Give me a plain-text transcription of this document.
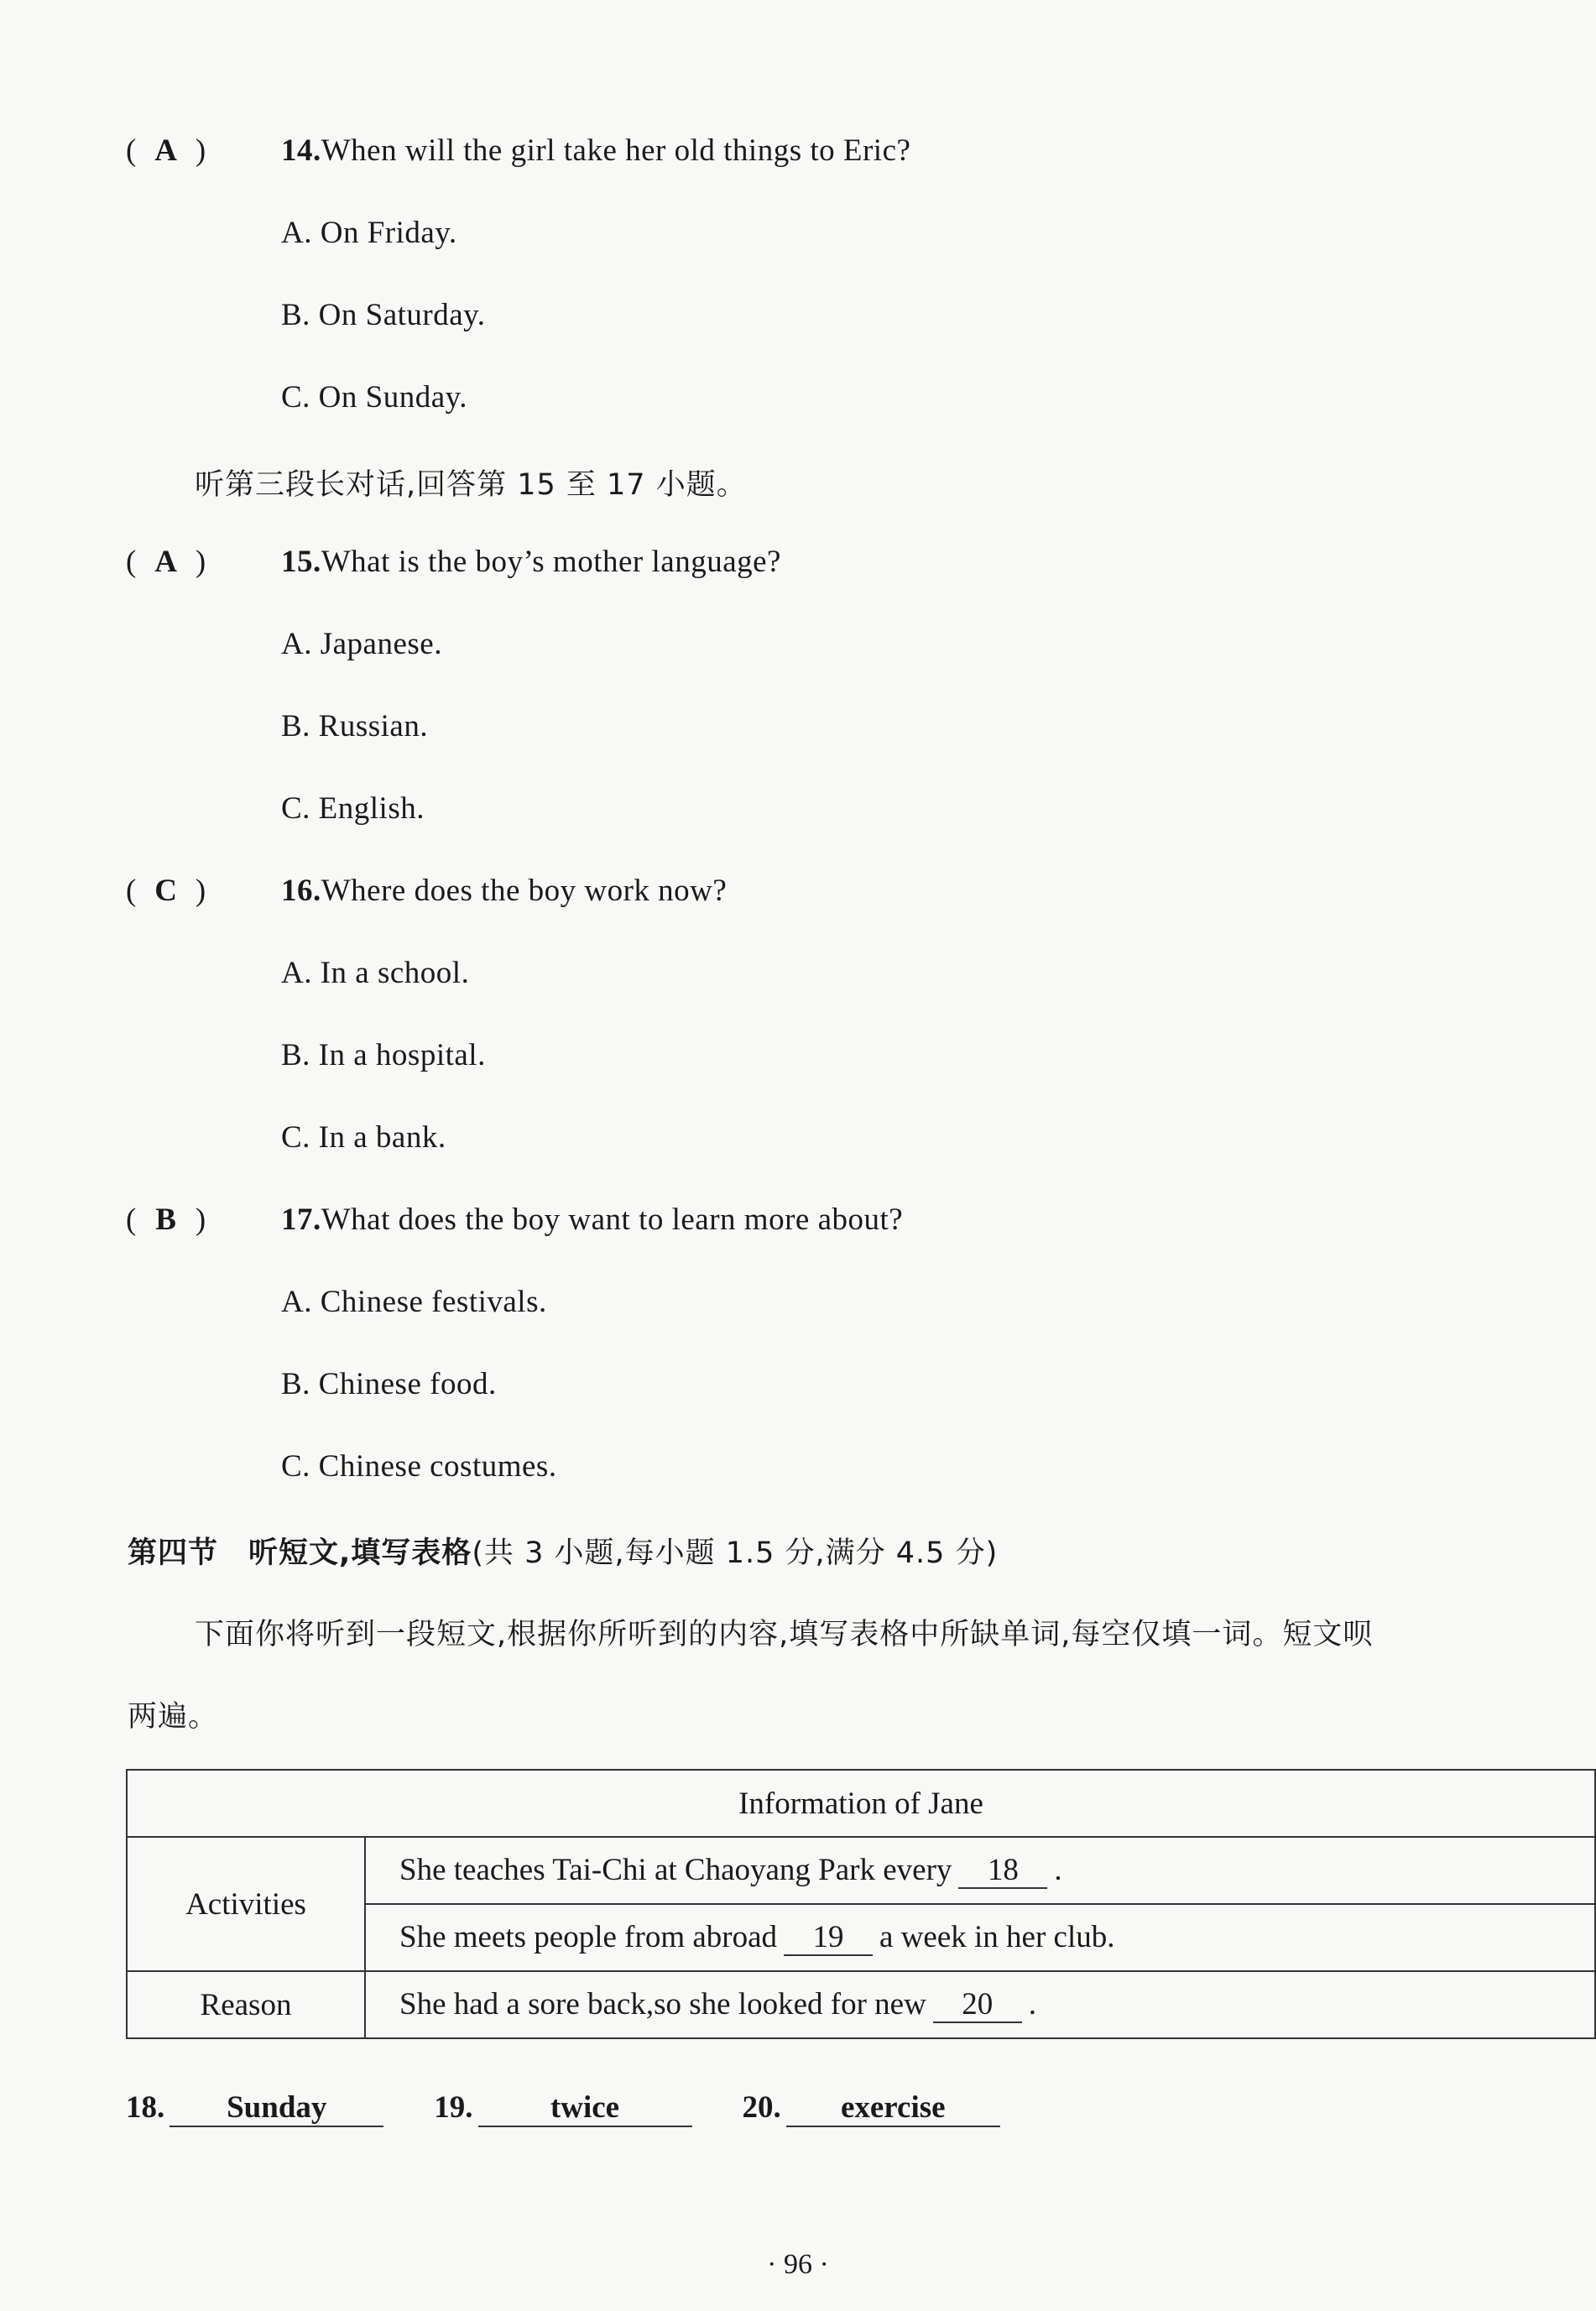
( A ) 14.When will the girl take her old things to Eric?
A. On Friday.
B. On Saturday.
C. On Sunday.
听第三段长对话,回答第 15 至 17 小题。
( A ) 15.What is the boy’s mother language?
A. Japanese.
B. Russian.
C. English.
( C ) 16.Where does the boy work now?
A. In a school.
B. In a hospital.
C. In a bank.
( B ) 17.What does the boy want to learn more about?
A. Chinese festivals.
B. Chinese food.
C. Chinese costumes.
第四节　听短文,填写表格(共 3 小题,每小题 1.5 分,满分 4.5 分)
下面你将听到一段短文,根据你所听到的内容,填写表格中所缺单词,每空仅填一词。短文呗
两遍。
Information of Jane	
Activities	She teaches Tai-Chi at Chaoyang Park every 18 .
	She meets people from abroad 19 a week in her club.
Reason	She had a sore back,so she looked for new 20 .
18. Sunday	19. twice	20. exercise
· 96 ·
